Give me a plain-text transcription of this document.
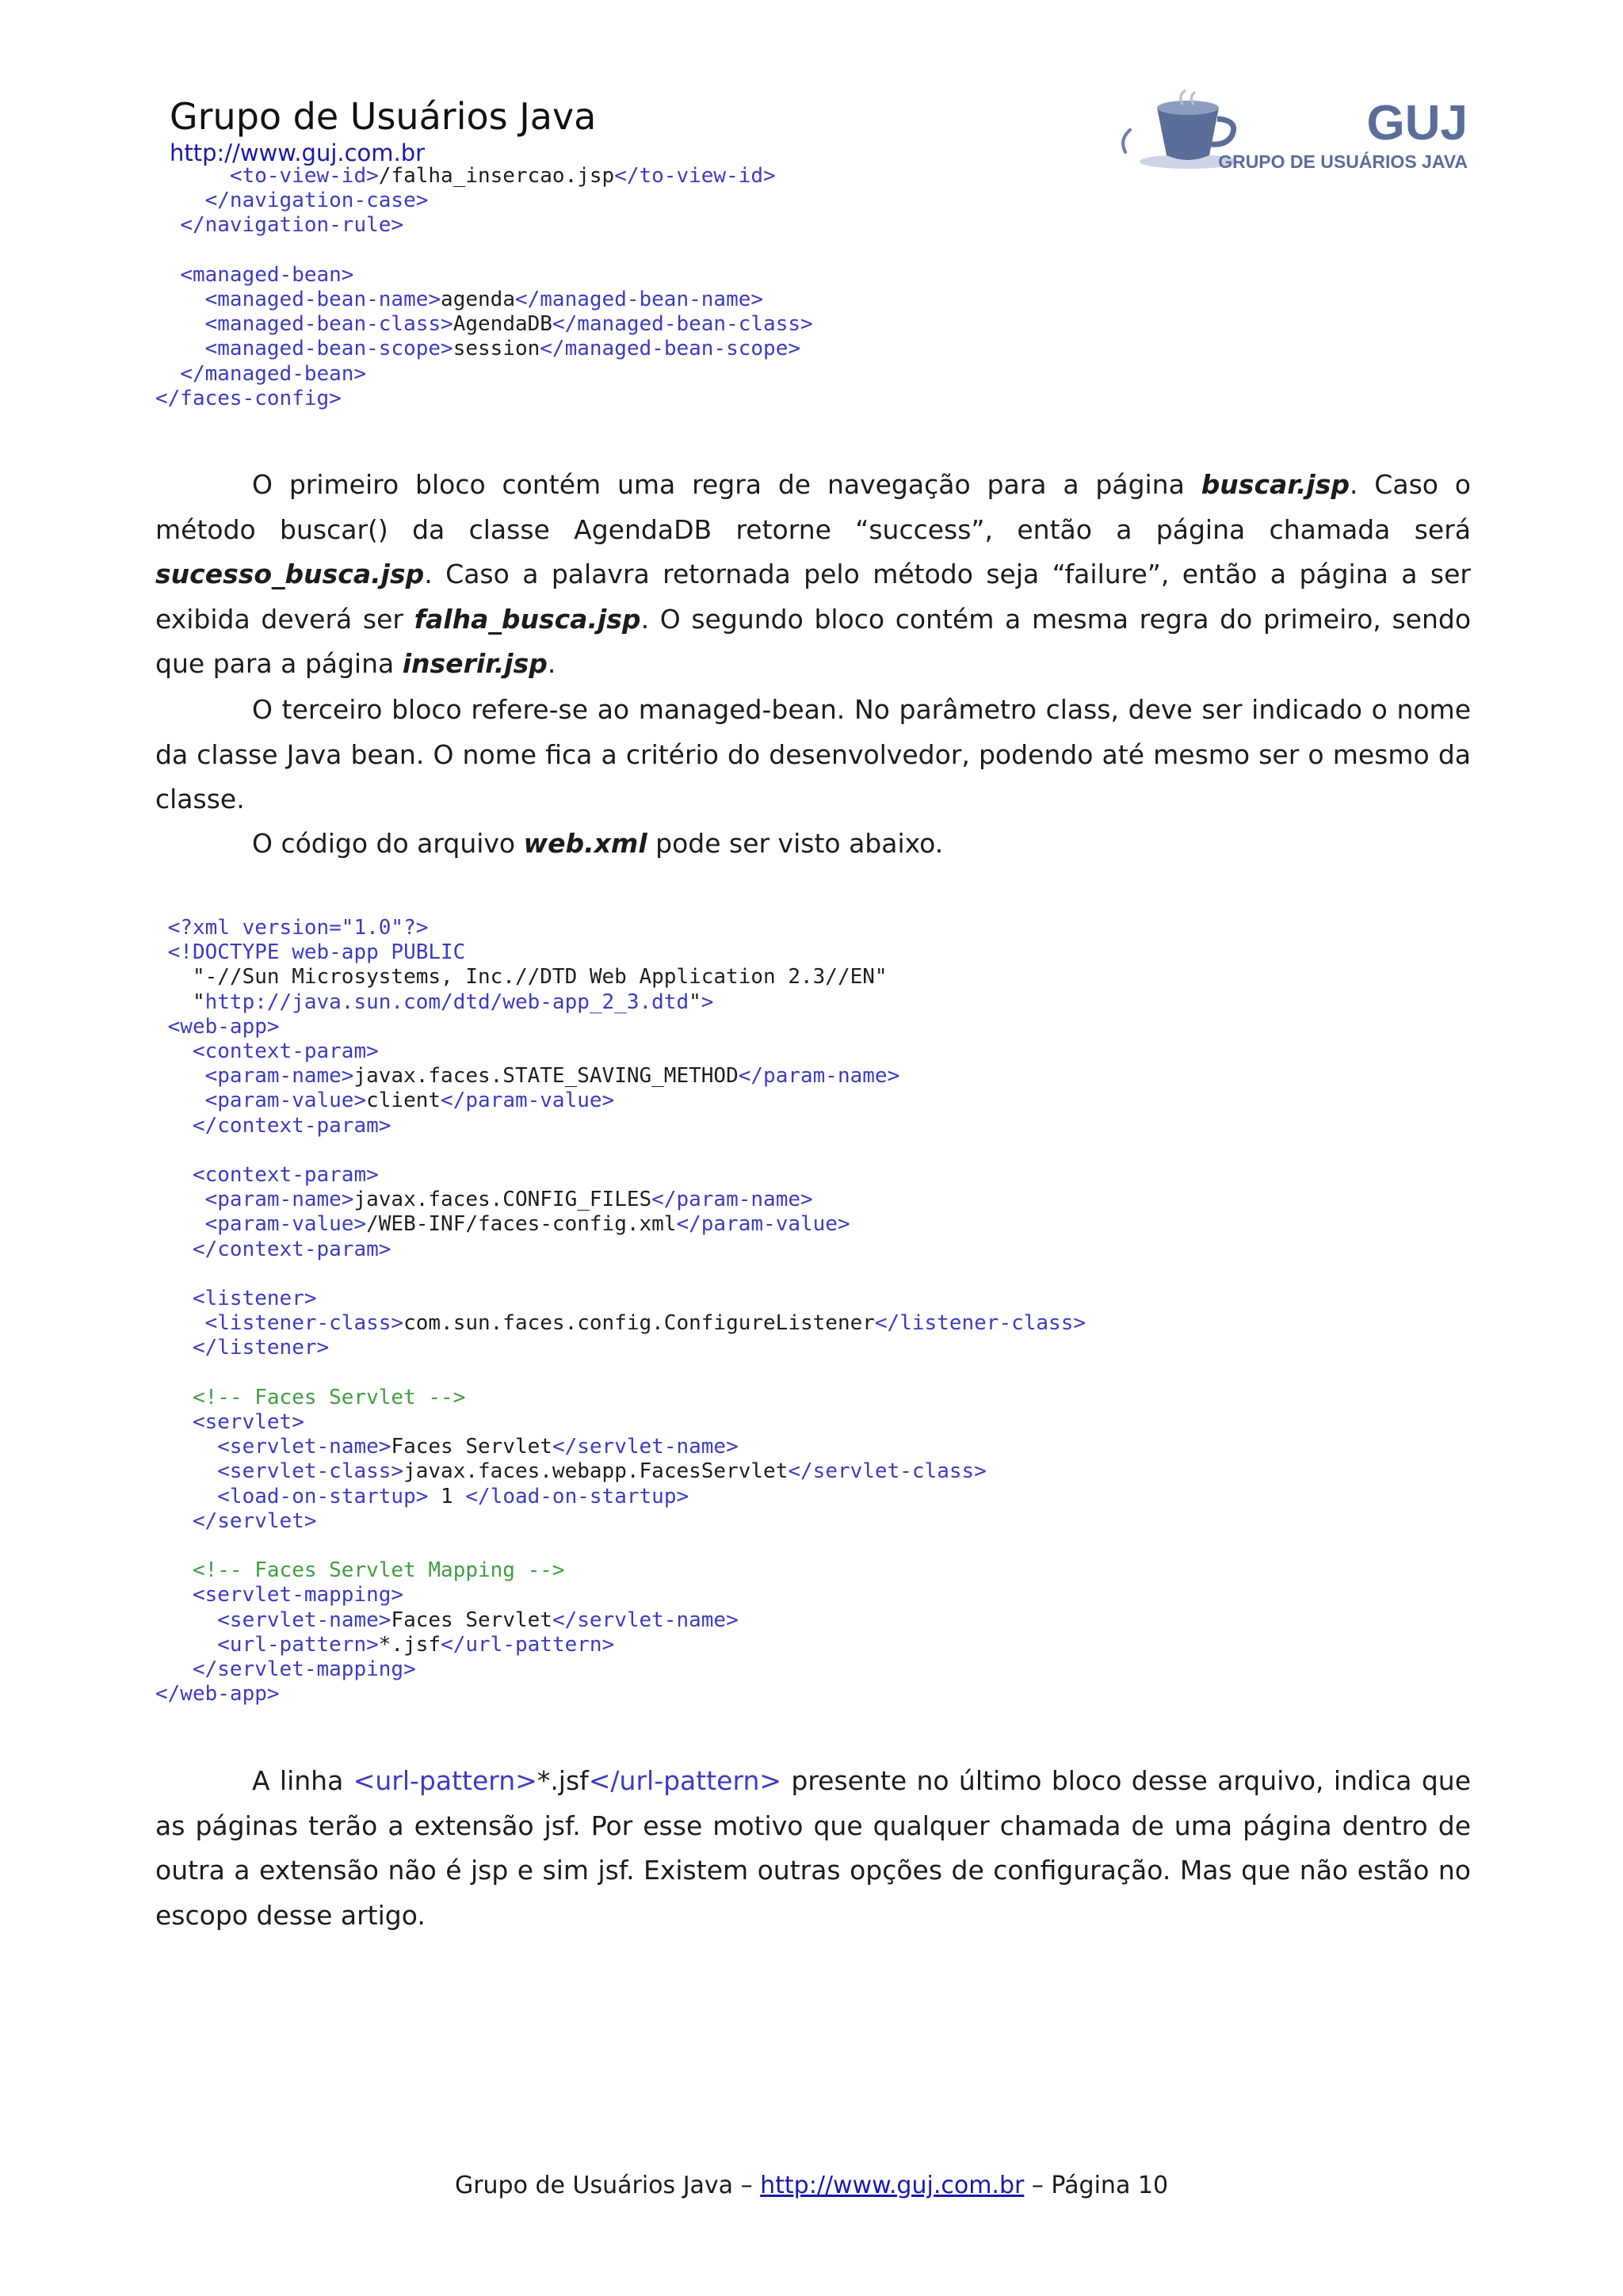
Grupo de Usuários Java
http://www.guj.com.br
GUJ
GRUPO DE USUÁRIOS JAVA
<to-view-id>/falha_insercao.jsp</to-view-id>
</navigation-case>
</navigation-rule>

<managed-bean>
<managed-bean-name>agenda</managed-bean-name>
<managed-bean-class>AgendaDB</managed-bean-class>
<managed-bean-scope>session</managed-bean-scope>
</managed-bean>
</faces-config>

O primeiro bloco contém uma regra de navegação para a página buscar.jsp. Caso o método buscar() da classe AgendaDB retorne “success”, então a página chamada será sucesso_busca.jsp. Caso a palavra retornada pelo método seja “failure”, então a página a ser exibida deverá ser falha_busca.jsp. O segundo bloco contém a mesma regra do primeiro, sendo que para a página inserir.jsp.

O terceiro bloco refere-se ao managed-bean. No parâmetro class, deve ser indicado o nome da classe Java bean. O nome fica a critério do desenvolvedor, podendo até mesmo ser o mesmo da classe.

O código do arquivo web.xml pode ser visto abaixo.

<?xml version="1.0"?>
<!DOCTYPE web-app PUBLIC
"-//Sun Microsystems, Inc.//DTD Web Application 2.3//EN"
"http://java.sun.com/dtd/web-app_2_3.dtd">
<web-app>
<context-param>
<param-name>javax.faces.STATE_SAVING_METHOD</param-name>
<param-value>client</param-value>
</context-param>

<context-param>
<param-name>javax.faces.CONFIG_FILES</param-name>
<param-value>/WEB-INF/faces-config.xml</param-value>
</context-param>

<listener>
<listener-class>com.sun.faces.config.ConfigureListener</listener-class>
</listener>

<!-- Faces Servlet -->
<servlet>
<servlet-name>Faces Servlet</servlet-name>
<servlet-class>javax.faces.webapp.FacesServlet</servlet-class>
<load-on-startup> 1 </load-on-startup>
</servlet>

<!-- Faces Servlet Mapping -->
<servlet-mapping>
<servlet-name>Faces Servlet</servlet-name>
<url-pattern>*.jsf</url-pattern>
</servlet-mapping>
</web-app>

A linha <url-pattern>*.jsf</url-pattern> presente no último bloco desse arquivo, indica que as páginas terão a extensão jsf. Por esse motivo que qualquer chamada de uma página dentro de outra a extensão não é jsp e sim jsf. Existem outras opções de configuração. Mas que não estão no escopo desse artigo.

Grupo de Usuários Java – http://www.guj.com.br – Página 10
